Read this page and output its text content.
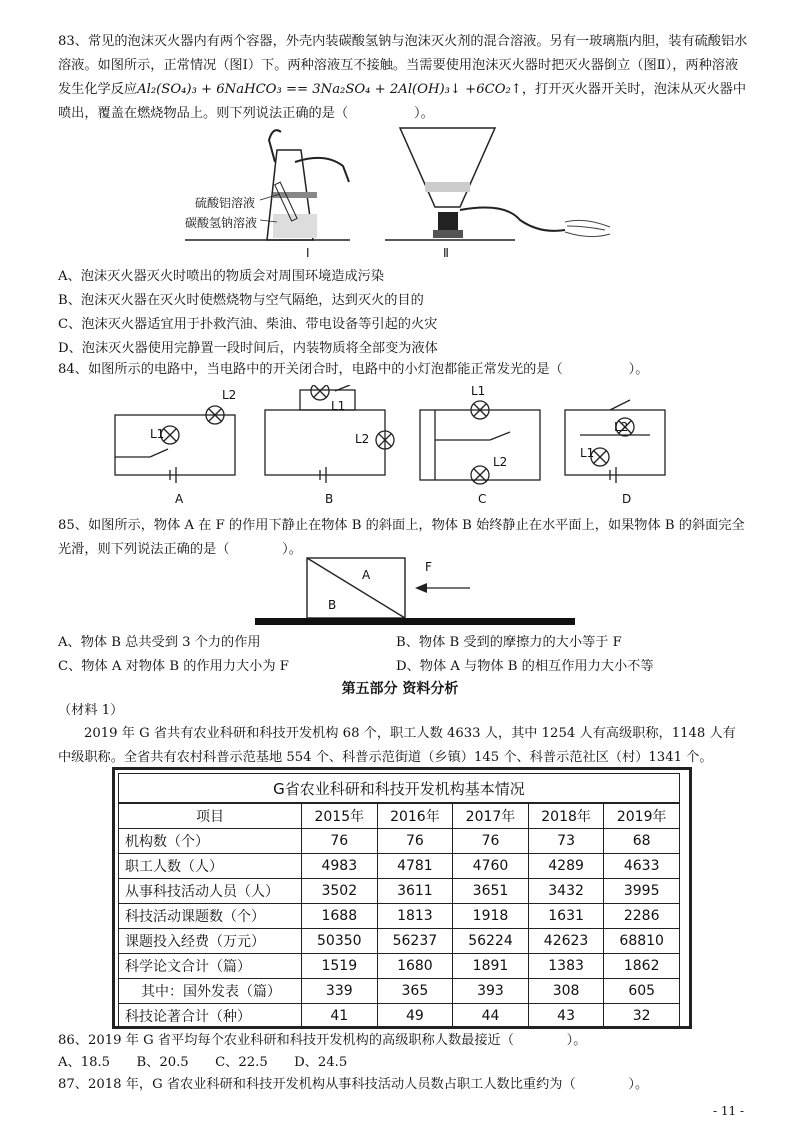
83、常见的泡沫灭火器内有两个容器，外壳内装碳酸氢钠与泡沫灭火剂的混合溶液。另有一玻璃瓶内胆，装有硫酸铝水溶液。如图所示，正常情况（图Ⅰ）下。两种溶液互不接触。当需要使用泡沫灭火器时把灭火器倒立（图Ⅱ），两种溶液发生化学反应Al₂(SO₄)₃ + 6NaHCO₃ == 3Na₂SO₄ + 2Al(OH)₃↓ +6CO₂↑，打开灭火器开关时，泡沫从灭火器中喷出，覆盖在燃烧物品上。则下列说法正确的是（　　　　　）。

硫酸铝溶液
碳酸氢钠溶液
Ⅰ	Ⅱ
A、泡沫灭火器灭火时喷出的物质会对周围环境造成污染
B、泡沫灭火器在灭火时使燃烧物与空气隔绝，达到灭火的目的
C、泡沫灭火器适宜用于扑救汽油、柴油、带电设备等引起的火灾
D、泡沫灭火器使用完静置一段时间后，内装物质将全部变为液体

84、如图所示的电路中，当电路中的开关闭合时，电路中的小灯泡都能正常发光的是（　　　　　）。

A	B	C	D
L2
L1
L1
L2
L1
L2
L2
L1

85、如图所示，物体 A 在 F 的作用下静止在物体 B 的斜面上，物体 B 始终静止在水平面上，如果物体 B 的斜面完全光滑，则下列说法正确的是（　　　　）。

A
B
F
A、物体 B 总共受到 3 个力的作用	B、物体 B 受到的摩擦力的大小等于 F
C、物体 A 对物体 B 的作用力大小为 F	D、物体 A 与物体 B 的相互作用力大小不等
第五部分 资料分析
（材料 1）

2019 年 G 省共有农业科研和科技开发机构 68 个，职工人数 4633 人，其中 1254 人有高级职称，1148 人有中级职称。全省共有农村科普示范基地 554 个、科普示范街道（乡镇）145 个、科普示范社区（村）1341 个。

G省农业科研和科技开发机构基本情况					
项目	2015年	2016年	2017年	2018年	2019年
机构数（个）	76	76	76	73	68
职工人数（人）	4983	4781	4760	4289	4633
从事科技活动人员（人）	3502	3611	3651	3432	3995
科技活动课题数（个）	1688	1813	1918	1631	2286
课题投入经费（万元）	50350	56237	56224	42623	68810
科学论文合计（篇）	1519	1680	1891	1383	1862
其中：国外发表（篇）	339	365	393	308	605
科技论著合计（种）	41	49	44	43	32
86、2019 年 G 省平均每个农业科研和科技开发机构的高级职称人数最接近（　　　　）。
A、18.5　　B、20.5　　C、22.5　　D、24.5
87、2018 年，G 省农业科研和科技开发机构从事科技活动人员数占职工人数比重约为（　　　　）。
- 11 -
